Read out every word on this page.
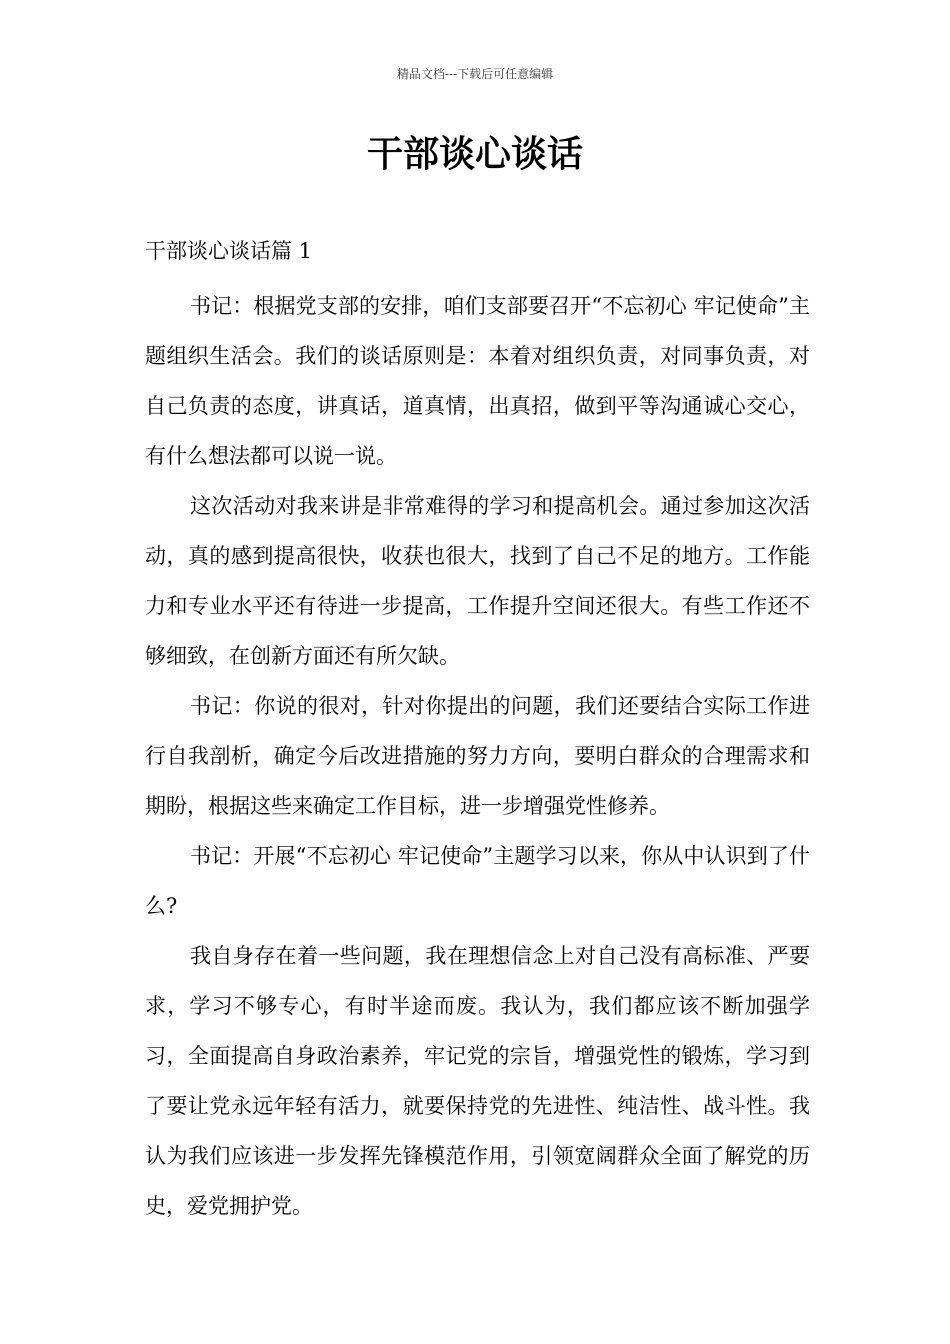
精品文档---下载后可任意编辑
干部谈心谈话
干部谈心谈话篇 1

书记：根据党支部的安排，咱们支部要召开“不忘初心 牢记使命”主题组织生活会。我们的谈话原则是：本着对组织负责，对同事负责，对自己负责的态度，讲真话，道真情，出真招，做到平等沟通诚心交心，有什么想法都可以说一说。

这次活动对我来讲是非常难得的学习和提高机会。通过参加这次活动，真的感到提高很快，收获也很大，找到了自己不足的地方。工作能力和专业水平还有待进一步提高，工作提升空间还很大。有些工作还不够细致，在创新方面还有所欠缺。

书记：你说的很对，针对你提出的问题，我们还要结合实际工作进行自我剖析，确定今后改进措施的努力方向，要明白群众的合理需求和期盼，根据这些来确定工作目标，进一步增强党性修养。

书记：开展“不忘初心 牢记使命”主题学习以来，你从中认识到了什么?

我自身存在着一些问题，我在理想信念上对自己没有高标准、严要求，学习不够专心，有时半途而废。我认为，我们都应该不断加强学习，全面提高自身政治素养，牢记党的宗旨，增强党性的锻炼，学习到了要让党永远年轻有活力，就要保持党的先进性、纯洁性、战斗性。我认为我们应该进一步发挥先锋模范作用，引领宽阔群众全面了解党的历史，爱党拥护党。
